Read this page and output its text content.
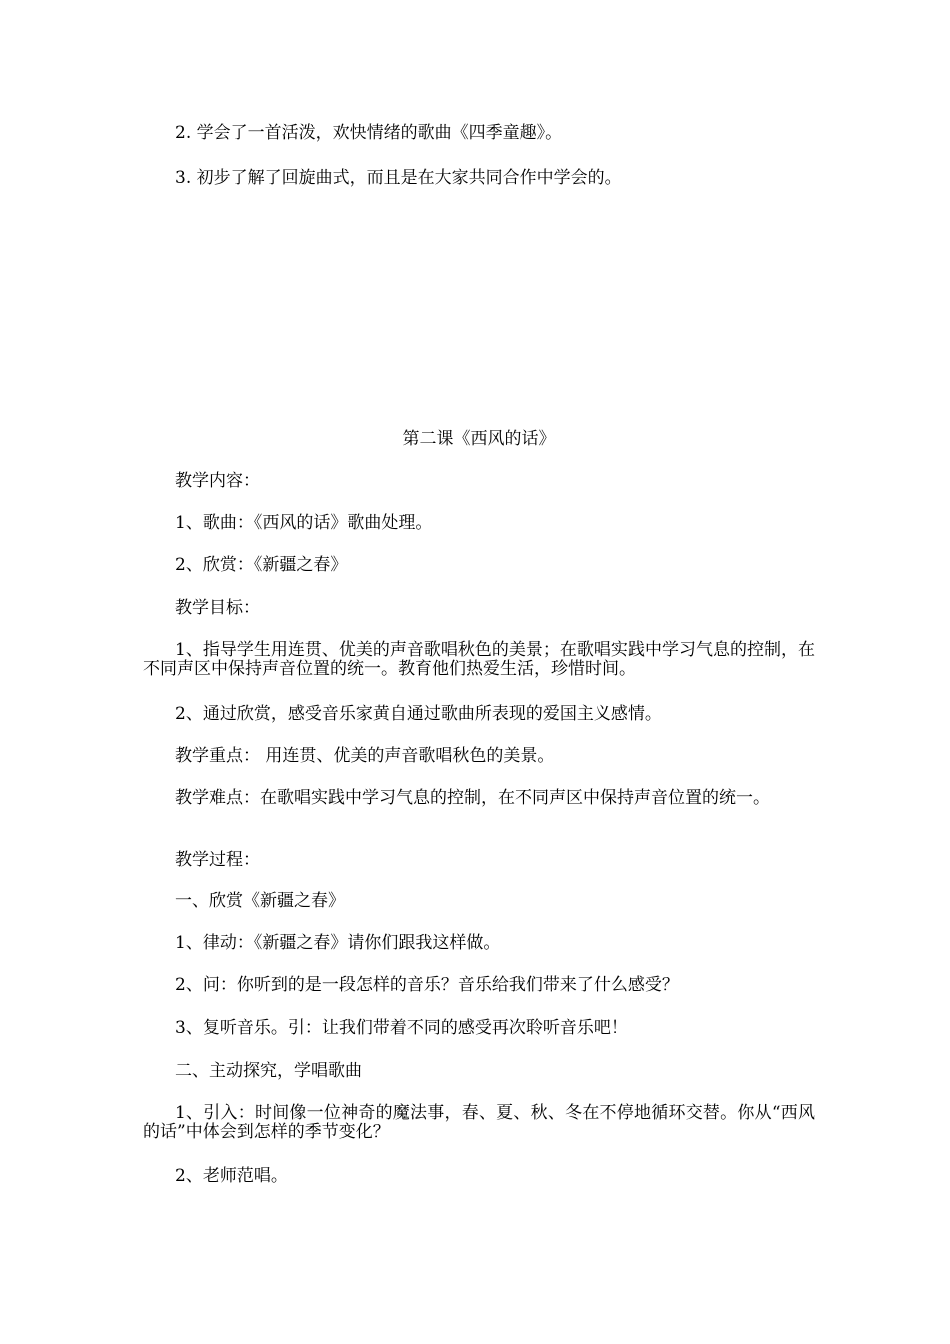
2. 学会了一首活泼，欢快情绪的歌曲《四季童趣》。
3. 初步了解了回旋曲式，而且是在大家共同合作中学会的。
第二课《西风的话》
教学内容：
1、歌曲：《西风的话》歌曲处理。
2、欣赏：《新疆之春》
教学目标：
1、指导学生用连贯、优美的声音歌唱秋色的美景；在歌唱实践中学习气息的控制，在不同声区中保持声音位置的统一。教育他们热爱生活，珍惜时间。
2、通过欣赏，感受音乐家黄自通过歌曲所表现的爱国主义感情。
教学重点： 用连贯、优美的声音歌唱秋色的美景。
教学难点：在歌唱实践中学习气息的控制，在不同声区中保持声音位置的统一。
教学过程：
一、欣赏《新疆之春》
1、律动：《新疆之春》请你们跟我这样做。
2、问：你听到的是一段怎样的音乐？音乐给我们带来了什么感受？
3、复听音乐。引：让我们带着不同的感受再次聆听音乐吧！
二、主动探究，学唱歌曲
1、引入：时间像一位神奇的魔法事，春、夏、秋、冬在不停地循环交替。你从“西风的话”中体会到怎样的季节变化？
2、老师范唱。
